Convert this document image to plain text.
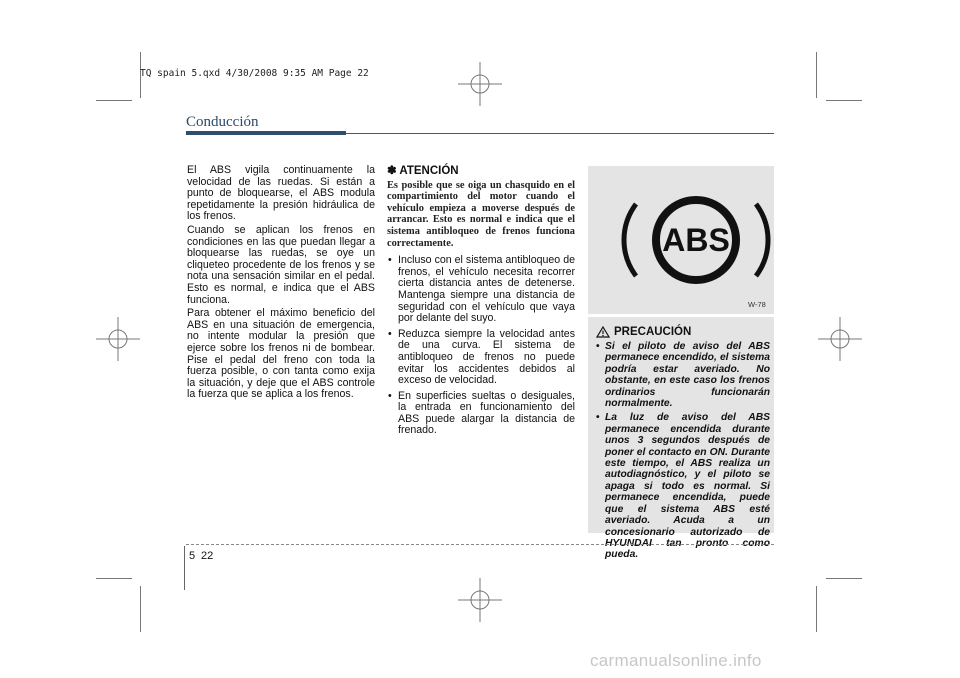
TQ spain 5.qxd 4/30/2008 9:35 AM Page 22
Conducción

El ABS vigila continuamente la velocidad de las ruedas. Si están a punto de bloquearse, el ABS modula repetidamente la presión hidráulica de los frenos.

Cuando se aplican los frenos en condiciones en las que puedan llegar a bloquearse las ruedas, se oye un cliqueteo procedente de los frenos y se nota una sensación similar en el pedal. Esto es normal, e indica que el ABS funciona.

Para obtener el máximo beneficio del ABS en una situación de emergencia, no intente modular la presión que ejerce sobre los frenos ni de bombear. Pise el pedal del freno con toda la fuerza posible, o con tanta como exija la situación, y deje que el ABS controle la fuerza que se aplica a los frenos.

✽ ATENCIÓN

Es posible que se oiga un chasquido en el compartimiento del motor cuando el vehículo empieza a moverse después de arrancar. Esto es normal e indica que el sistema antibloqueo de frenos funciona correctamente.

• Incluso con el sistema antibloqueo de frenos, el vehículo necesita recorrer cierta distancia antes de detenerse. Mantenga siempre una distancia de seguridad con el vehículo que vaya por delante del suyo.
• Reduzca siempre la velocidad antes de una curva. El sistema de antibloqueo de frenos no puede evitar los accidentes debidos al exceso de velocidad.
• En superficies sueltas o desiguales, la entrada en funcionamiento del ABS puede alargar la distancia de frenado.
ABS
W-78
PRECAUCIÓN
• Si el piloto de aviso del ABS permanece encendido, el sistema podría estar averiado. No obstante, en este caso los frenos ordinarios funcionarán normalmente.
• La luz de aviso del ABS permanece encendida durante unos 3 segundos después de poner el contacto en ON. Durante este tiempo, el ABS realiza un autodiagnóstico, y el piloto se apaga si todo es normal. Si permanece encendida, puede que el sistema ABS esté averiado. Acuda a un concesionario autorizado de HYUNDAI tan pronto como pueda.
5 22
carmanualsonline.info
